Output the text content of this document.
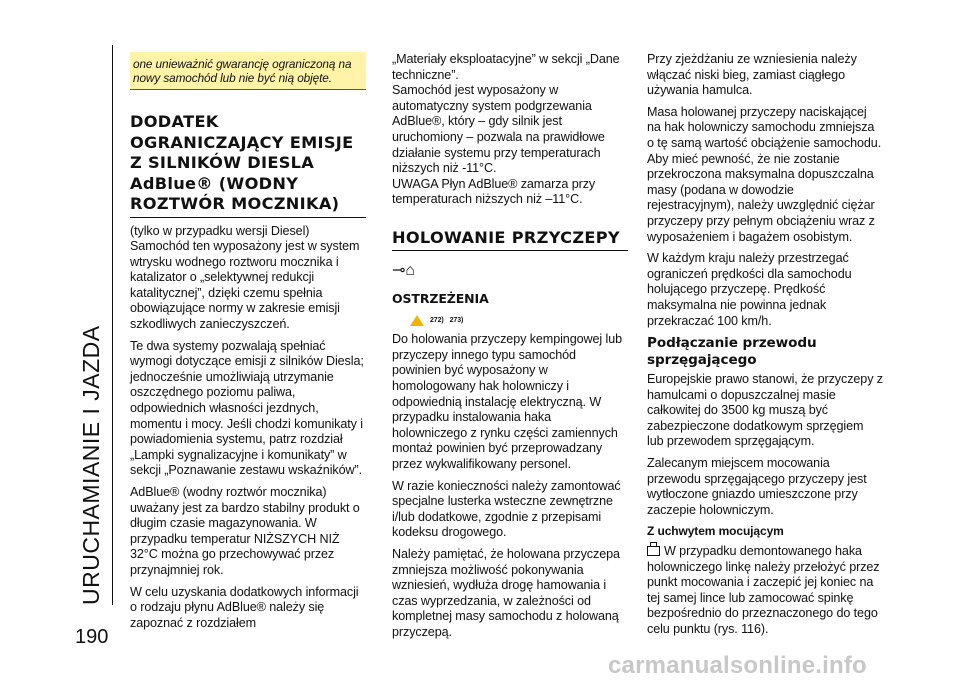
URUCHAMIANIE I JAZDA
190
one unieważnić gwarancję ograniczoną na nowy samochód lub nie być nią objęte.
DODATEK OGRANICZAJĄCY EMISJE Z SILNIKÓW DIESLA AdBlue® (WODNY ROZTWÓR MOCZNIKA)

(tylko w przypadku wersji Diesel)
Samochód ten wyposażony jest w system wtrysku wodnego roztworu mocznika i katalizator o „selektywnej redukcji katalitycznej”, dzięki czemu spełnia obowiązujące normy w zakresie emisji szkodliwych zanieczyszczeń.

Te dwa systemy pozwalają spełniać wymogi dotyczące emisji z silników Diesla; jednocześnie umożliwiają utrzymanie oszczędnego poziomu paliwa, odpowiednich własności jezdnych, momentu i mocy. Jeśli chodzi komunikaty i powiadomienia systemu, patrz rozdział „Lampki sygnalizacyjne i komunikaty” w sekcji „Poznawanie zestawu wskaźników”.

AdBlue® (wodny roztwór mocznika) uważany jest za bardzo stabilny produkt o długim czasie magazynowania. W przypadku temperatur NIŻSZYCH NIŻ 32°C można go przechowywać przez przynajmniej rok.

W celu uzyskania dodatkowych informacji o rodzaju płynu AdBlue® należy się zapoznać z rozdziałem

„Materiały eksploatacyjne” w sekcji „Dane techniczne”.
Samochód jest wyposażony w automatyczny system podgrzewania AdBlue®, który – gdy silnik jest uruchomiony – pozwala na prawidłowe działanie systemu przy temperaturach niższych niż -11°C.
UWAGA Płyn AdBlue® zamarza przy temperaturach niższych niż –11°C.

HOLOWANIE PRZYCZEPY
⊸⌂
OSTRZEŻENIA
272) 273)

Do holowania przyczepy kempingowej lub przyczepy innego typu samochód powinien być wyposażony w homologowany hak holowniczy i odpowiednią instalację elektryczną. W przypadku instalowania haka holowniczego z rynku części zamiennych montaż powinien być przeprowadzany przez wykwalifikowany personel.

W razie konieczności należy zamontować specjalne lusterka wsteczne zewnętrzne i/lub dodatkowe, zgodnie z przepisami kodeksu drogowego.

Należy pamiętać, że holowana przyczepa zmniejsza możliwość pokonywania wzniesień, wydłuża drogę hamowania i czas wyprzedzania, w zależności od kompletnej masy samochodu z holowaną przyczepą.

Przy zjeżdżaniu ze wzniesienia należy włączać niski bieg, zamiast ciągłego używania hamulca.

Masa holowanej przyczepy naciskającej na hak holowniczy samochodu zmniejsza o tę samą wartość obciążenie samochodu. Aby mieć pewność, że nie zostanie przekroczona maksymalna dopuszczalna masy (podana w dowodzie rejestracyjnym), należy uwzględnić ciężar przyczepy przy pełnym obciążeniu wraz z wyposażeniem i bagażem osobistym.

W każdym kraju należy przestrzegać ograniczeń prędkości dla samochodu holującego przyczepę. Prędkość maksymalna nie powinna jednak przekraczać 100 km/h.

Podłączanie przewodu sprzęgającego

Europejskie prawo stanowi, że przyczepy z hamulcami o dopuszczalnej masie całkowitej do 3500 kg muszą być zabezpieczone dodatkowym sprzęgiem lub przewodem sprzęgającym.

Zalecanym miejscem mocowania przewodu sprzęgającego przyczepy jest wytłoczone gniazdo umieszczone przy zaczepie holowniczym.

Z uchwytem mocującym

W przypadku demontowanego haka holowniczego linkę należy przełożyć przez punkt mocowania i zaczepić jej koniec na tej samej lince lub zamocować spinkę bezpośrednio do przeznaczonego do tego celu punktu (rys. 116).

carmanualsonline.info
